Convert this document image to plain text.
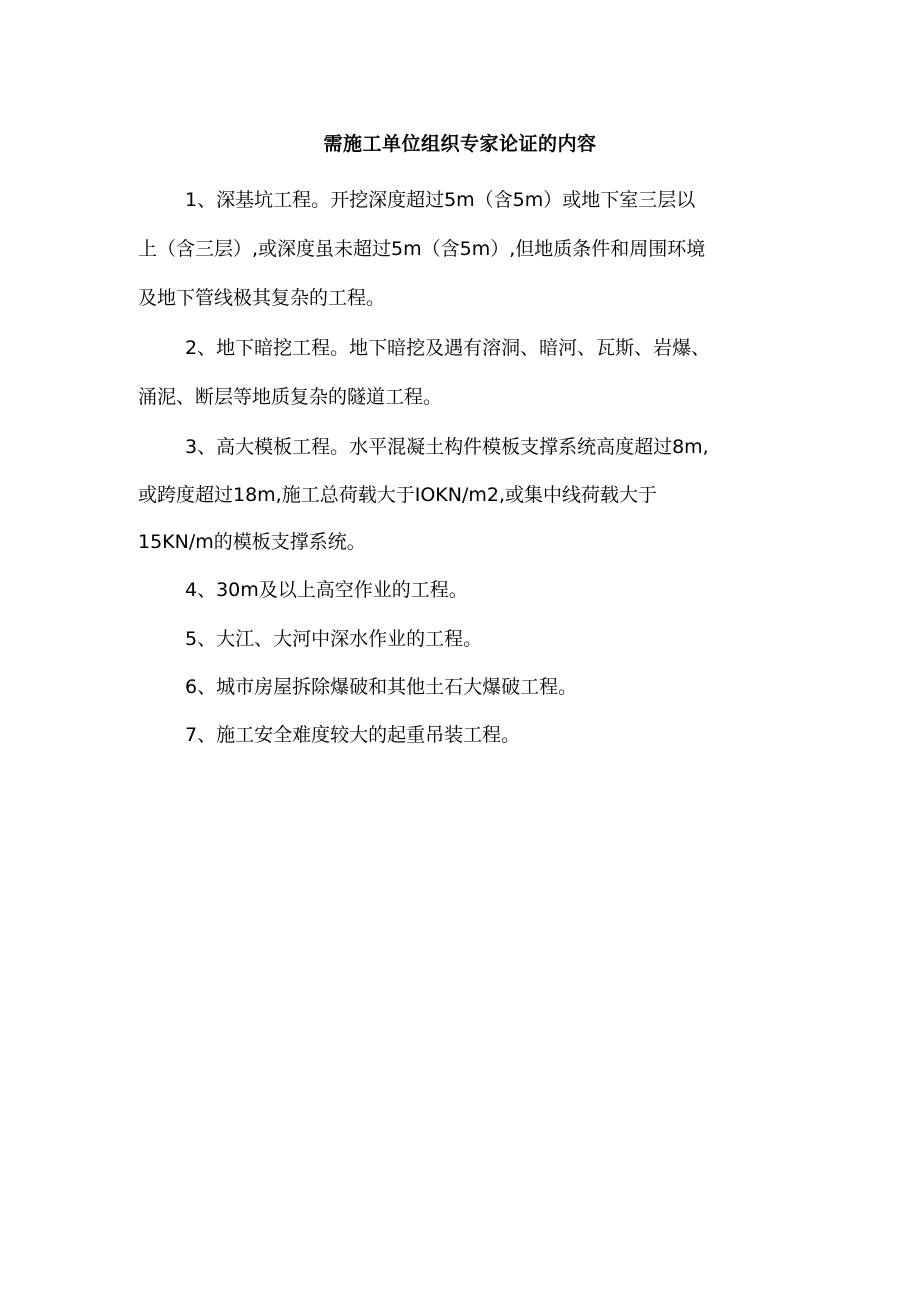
需施工单位组织专家论证的内容
1、深基坑工程。开挖深度超过5m（含5m）或地下室三层以
上（含三层）,或深度虽未超过5m（含5m）,但地质条件和周围环境
及地下管线极其复杂的工程。
2、地下暗挖工程。地下暗挖及遇有溶洞、暗河、瓦斯、岩爆、
涌泥、断层等地质复杂的隧道工程。
3、高大模板工程。水平混凝土构件模板支撑系统高度超过8m,
或跨度超过18m,施工总荷载大于IOKN/m2,或集中线荷载大于
15KN∕m的模板支撑系统。
4、30m及以上高空作业的工程。
5、大江、大河中深水作业的工程。
6、城市房屋拆除爆破和其他土石大爆破工程。
7、施工安全难度较大的起重吊装工程。
